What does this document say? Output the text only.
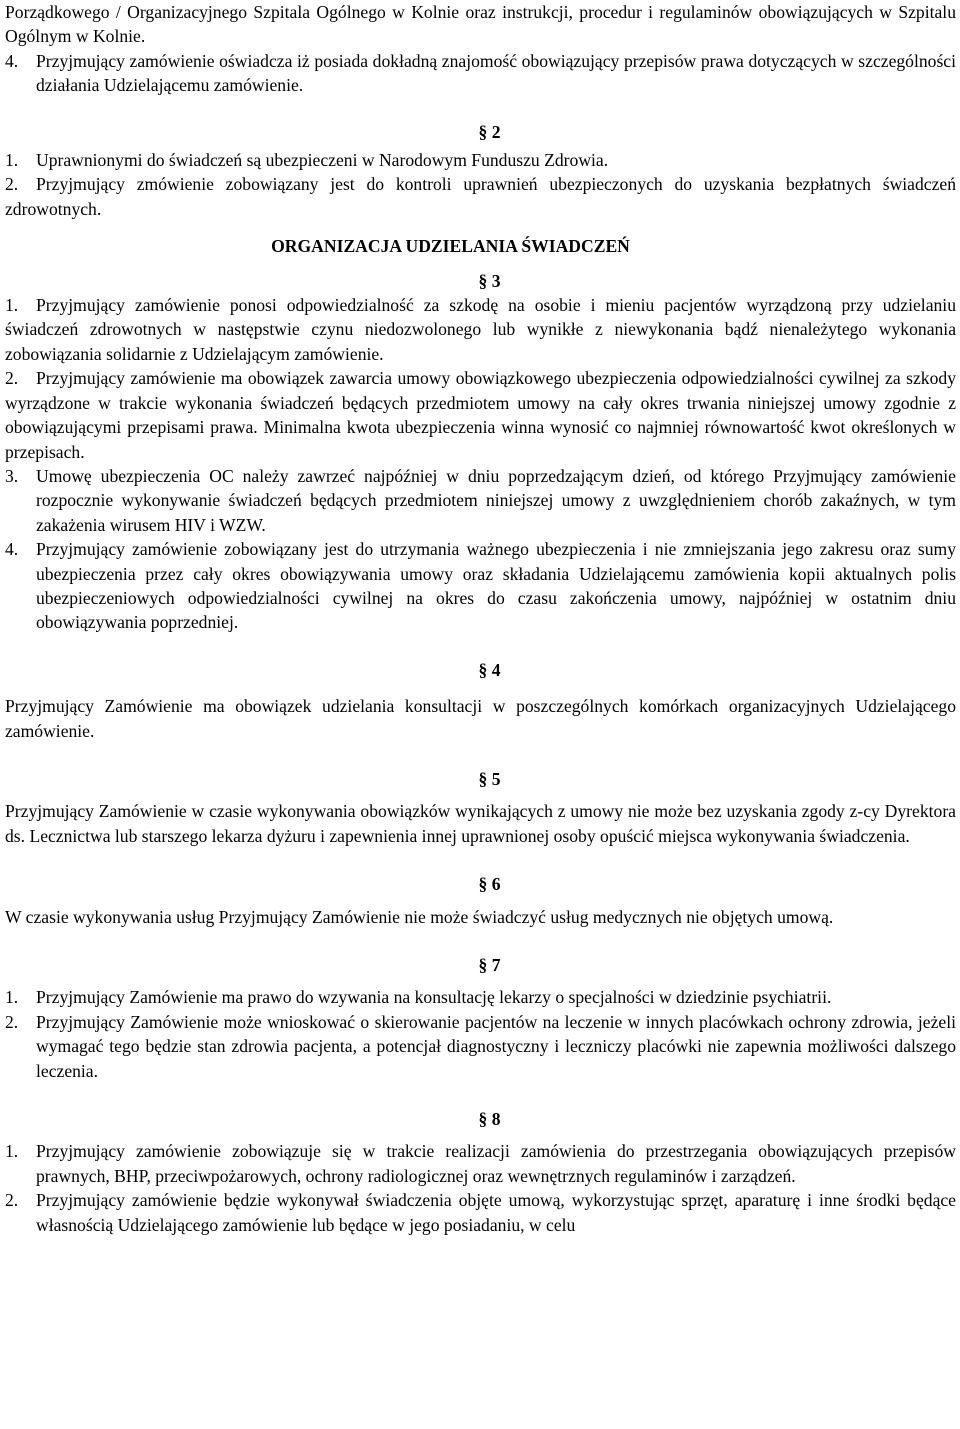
Porządkowego / Organizacyjnego Szpitala Ogólnego w Kolnie oraz instrukcji, procedur i regulaminów obowiązujących w Szpitalu Ogólnym w Kolnie.

4. Przyjmujący zamówienie oświadcza iż posiada dokładną znajomość obowiązujący przepisów prawa dotyczących w szczególności działania Udzielającemu zamówienie.
§ 2
1. Uprawnionymi do świadczeń są ubezpieczeni w Narodowym Funduszu Zdrowia.
2. Przyjmujący zmówienie zobowiązany jest do kontroli uprawnień ubezpieczonych do uzyskania bezpłatnych świadczeń zdrowotnych.
ORGANIZACJA UDZIELANIA ŚWIADCZEŃ
§ 3
1. Przyjmujący zamówienie ponosi odpowiedzialność za szkodę na osobie i mieniu pacjentów wyrządzoną przy udzielaniu świadczeń zdrowotnych w następstwie czynu niedozwolonego lub wynikłe z niewykonania bądź nienależytego wykonania zobowiązania solidarnie z Udzielającym zamówienie.
2. Przyjmujący zamówienie ma obowiązek zawarcia umowy obowiązkowego ubezpieczenia odpowiedzialności cywilnej za szkody wyrządzone w trakcie wykonania świadczeń będących przedmiotem umowy na cały okres trwania niniejszej umowy zgodnie z obowiązującymi przepisami prawa. Minimalna kwota ubezpieczenia winna wynosić co najmniej równowartość kwot określonych w przepisach.
3. Umowę ubezpieczenia OC należy zawrzeć najpóźniej w dniu poprzedzającym dzień, od którego Przyjmujący zamówienie rozpocznie wykonywanie świadczeń będących przedmiotem niniejszej umowy z uwzględnieniem chorób zakaźnych, w tym zakażenia wirusem HIV i WZW.
4. Przyjmujący zamówienie zobowiązany jest do utrzymania ważnego ubezpieczenia i nie zmniejszania jego zakresu oraz sumy ubezpieczenia przez cały okres obowiązywania umowy oraz składania Udzielającemu zamówienia kopii aktualnych polis ubezpieczeniowych odpowiedzialności cywilnej na okres do czasu zakończenia umowy, najpóźniej w ostatnim dniu obowiązywania poprzedniej.
§ 4

Przyjmujący Zamówienie ma obowiązek udzielania konsultacji w poszczególnych komórkach organizacyjnych Udzielającego zamówienie.

§ 5

Przyjmujący Zamówienie w czasie wykonywania obowiązków wynikających z umowy nie może bez uzyskania zgody z-cy Dyrektora ds. Lecznictwa lub starszego lekarza dyżuru i zapewnienia innej uprawnionej osoby opuścić miejsca wykonywania świadczenia.

§ 6

W czasie wykonywania usług Przyjmujący Zamówienie nie może świadczyć usług medycznych nie objętych umową.

§ 7
1. Przyjmujący Zamówienie ma prawo do wzywania na konsultację lekarzy o specjalności w dziedzinie psychiatrii.
2. Przyjmujący Zamówienie może wnioskować o skierowanie pacjentów na leczenie w innych placówkach ochrony zdrowia, jeżeli wymagać tego będzie stan zdrowia pacjenta, a potencjał diagnostyczny i leczniczy placówki nie zapewnia możliwości dalszego leczenia.
§ 8
1. Przyjmujący zamówienie zobowiązuje się w trakcie realizacji zamówienia do przestrzegania obowiązujących przepisów prawnych, BHP, przeciwpożarowych, ochrony radiologicznej oraz wewnętrznych regulaminów i zarządzeń.
2. Przyjmujący zamówienie będzie wykonywał świadczenia objęte umową, wykorzystując sprzęt, aparaturę i inne środki będące własnością Udzielającego zamówienie lub będące w jego posiadaniu, w celu
